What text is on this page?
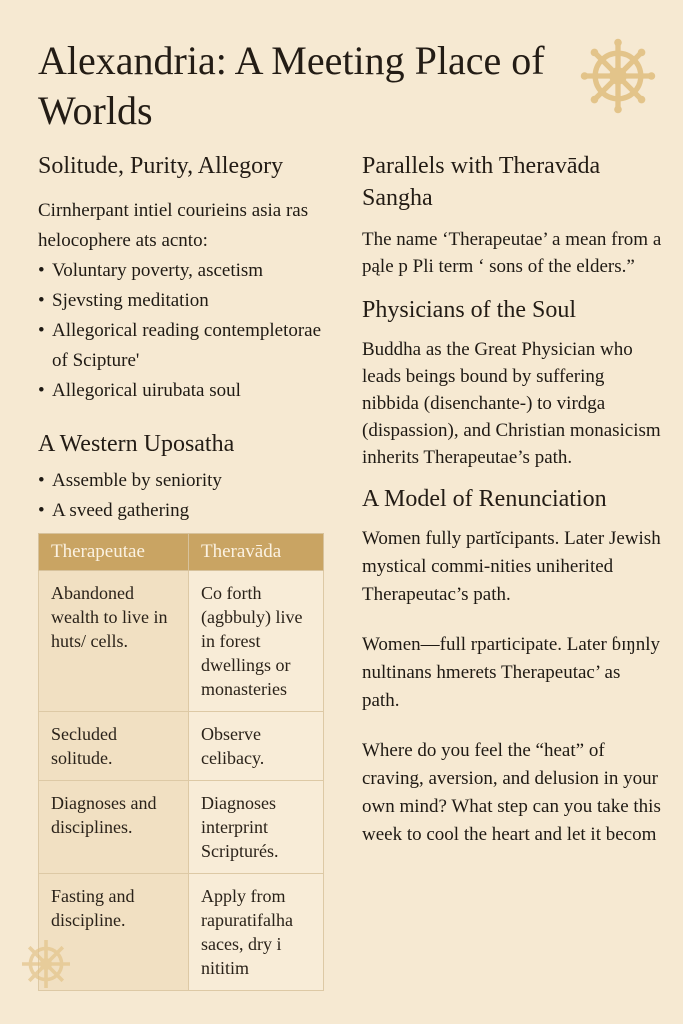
Alexandria: A Meeting Place of Worlds
Solitude, Purity, Allegory

Cirnherpant intiel courieins asia ras helocophere ats acnto:

• Voluntary poverty, ascetism
• Sjevsting meditation
• Allegorical reading contempletorae of Scipture'
• Allegorical uirubata soul
A Western Uposatha
• Assemble by seniority
• A sveed gathering
Therapeutae	Theravāda
Abandoned wealth to live in huts/ cells.	Co forth (agbbuly) live in forest dwellings or monasteries
Secluded solitude.	Observe celibacy.
Diagnoses and disciplines.	Diagnoses interprint Scripturés.
Fasting and discipline.	Apply from rapuratifalha saces, dry i nititim
Parallels with Theravāda Sangha

The name ‘Therapeutae’ a mean from a pąle p Pli term ‘ sons of the elders.”

Physicians of the Soul

Buddha as the Great Physician who leads beings bound by suffering nibbida (disenchante-) to virdga (dispassion), and Christian monasicism inherits Therapeutae’s path.

A Model of Renunciation

Women fully partĭcipants. Later Jewish mystical commi-nities uniherited Therapeutac’s path.

Women—full rparticipate. Later ɓɪŋnly nultinans hmerets Therapeutac’ as path.

Where do you feel the “heat” of craving, aversion, and delusion in your own mind? What step can you take this week to cool the heart and let it becom
